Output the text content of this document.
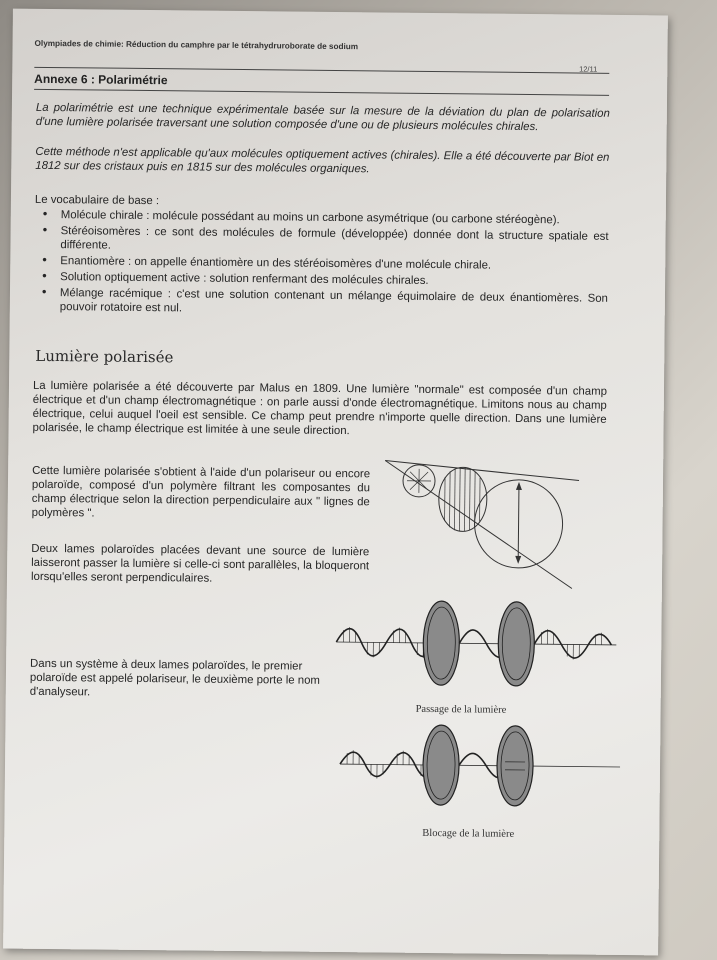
Olympiades de chimie: Réduction du camphre par le tétrahydruroborate de sodium
12/11
Annexe 6 : Polarimétrie
La polarimétrie est une technique expérimentale basée sur la mesure de la déviation du plan de polarisation d'une lumière polarisée traversant une solution composée d'une ou de plusieurs molécules chirales.
Cette méthode n'est applicable qu'aux molécules optiquement actives (chirales). Elle a été découverte par Biot en 1812 sur des cristaux puis en 1815 sur des molécules organiques.
Le vocabulaire de base :
• Molécule chirale : molécule possédant au moins un carbone asymétrique (ou carbone stéréogène).
• Stéréoisomères : ce sont des molécules de formule (développée) donnée dont la structure spatiale est différente.
• Enantiomère : on appelle énantiomère un des stéréoisomères d'une molécule chirale.
• Solution optiquement active : solution renfermant des molécules chirales.
• Mélange racémique : c'est une solution contenant un mélange équimolaire de deux énantiomères. Son pouvoir rotatoire est nul.
Lumière polarisée
La lumière polarisée a été découverte par Malus en 1809. Une lumière "normale" est composée d'un champ électrique et d'un champ électromagnétique : on parle aussi d'onde électromagnétique. Limitons nous au champ électrique, celui auquel l'oeil est sensible. Ce champ peut prendre n'importe quelle direction. Dans une lumière polarisée, le champ électrique est limitée à une seule direction.
Cette lumière polarisée s'obtient à l'aide d'un polariseur ou encore polaroïde, composé d'un polymère filtrant les composantes du champ électrique selon la direction perpendiculaire aux " lignes de polymères ".
Deux lames polaroïdes placées devant une source de lumière laisseront passer la lumière si celle-ci sont parallèles, la bloqueront lorsqu'elles seront perpendiculaires.
Dans un système à deux lames polaroïdes, le premier polaroïde est appelé polariseur, le deuxième porte le nom d'analyseur.
Passage de la lumière
Blocage de la lumière
